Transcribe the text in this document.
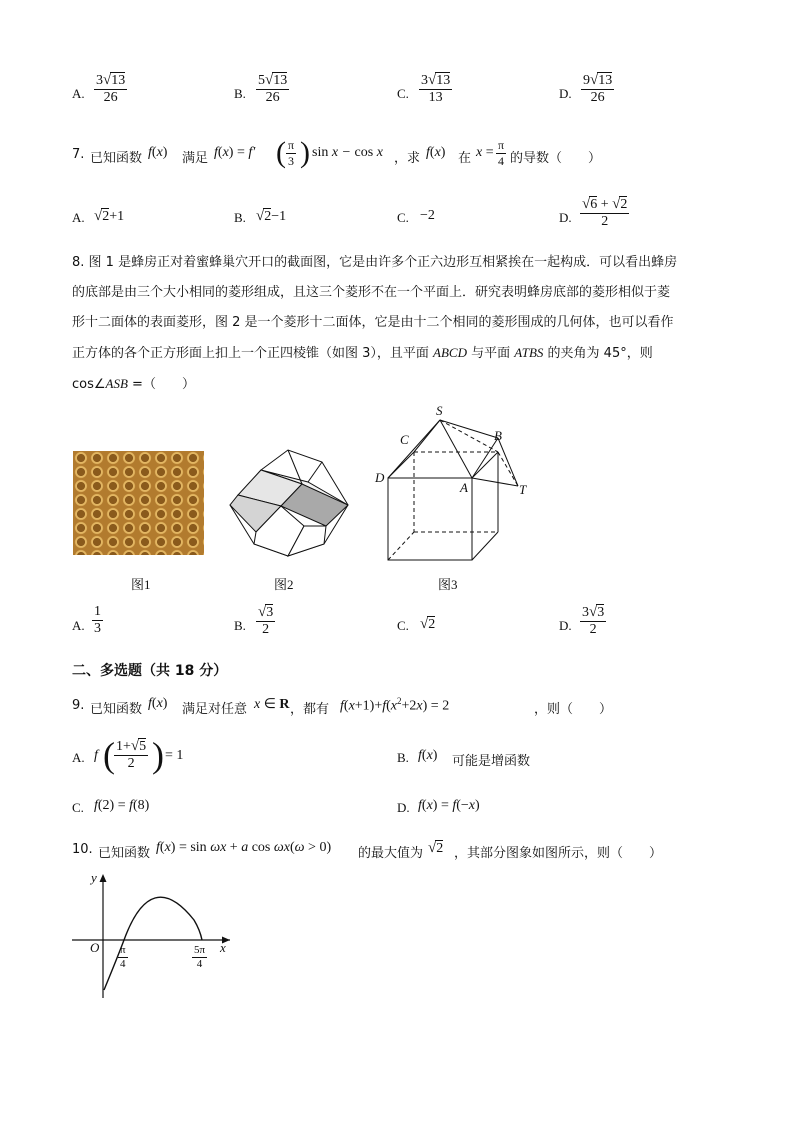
A. $\frac{3√13}{26}$	B. $\frac{5√13}{26}$	C. $\frac{3√13}{13}$	D. $\frac{9√13}{26}$
7. 已知函数 f(x) 满足 f(x) = f′ ( $\frac{\pi}{3}$ ) sin x − cos x ，求 f(x) 在 $x = \frac{\pi}{4}$ 的导数（　　）
A. √2+1	B. √2−1	C. −2	D. $\frac{√6 + √2}{2}$
8. 图 1 是蜂房正对着蜜蜂巢穴开口的截面图，它是由许多个正六边形互相紧挨在一起构成．可以看出蜂房
的底部是由三个大小相同的菱形组成，且这三个菱形不在一个平面上．研究表明蜂房底部的菱形相似于菱
形十二面体的表面菱形，图 2 是一个菱形十二面体，它是由十二个相同的菱形围成的几何体，也可以看作
正方体的各个正方形面上扣上一个正四棱锥（如图 3），且平面 ABCD 与平面 ATBS 的夹角为 45°，则
cos∠ASB =（　　）
图1	图2
S
C	B
D
A	T
图3
A. $\frac{1}{3}$	B. $\frac{√3}{2}$	C. √2	D. $\frac{3√3}{2}$
二、多选题（共 18 分）
9. 已知函数 f(x) 满足对任意 x ∈ R ，都有 $f(x+1)+f(x^2+2x) = 2$	，则（　　）
A. f ( $\frac{1+√5}{2}$ ) = 1	B. f(x) 可能是增函数
C. f(2) = f(8)	D. f(x) = f(−x)
10. 已知函数 f(x) = sin ωx + a cos ωx(ω > 0) 的最大值为 √2 ，其部分图象如图所示，则（　　）
y
x
O $\frac{\pi}{4}$	$\frac{5\pi}{4}$
